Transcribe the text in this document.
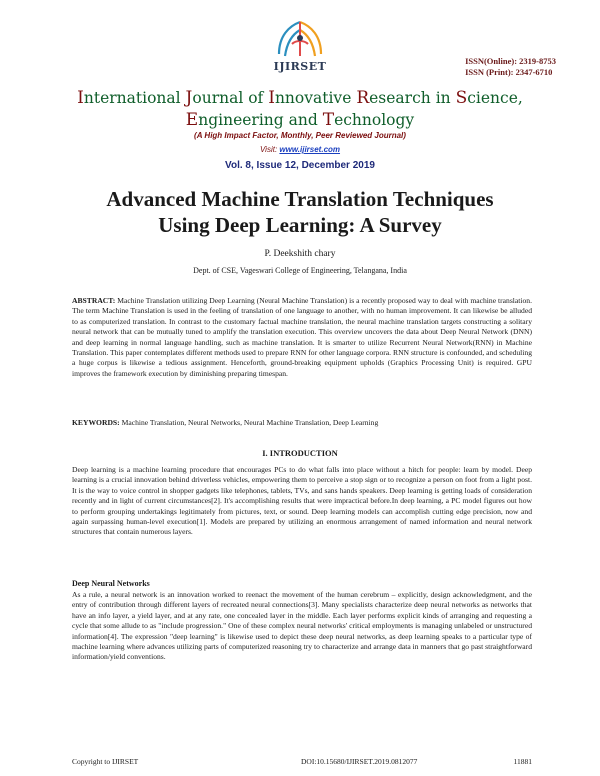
IJIRSET	ISSN(Online): 2319-8753
ISSN (Print): 2347-6710
International Journal of Innovative Research in Science,
Engineering and Technology
(A High Impact Factor, Monthly, Peer Reviewed Journal)
Visit: www.ijirset.com
Vol. 8, Issue 12, December 2019
Advanced Machine Translation Techniques
Using Deep Learning: A Survey
P. Deekshith chary
Dept. of CSE, Vageswari College of Engineering, Telangana, India
ABSTRACT: Machine Translation utilizing Deep Learning (Neural Machine Translation) is a recently proposed way to deal with machine translation. The term Machine Translation is used in the feeling of translation of one language to another, with no human improvement. It can likewise be alluded to as computerized translation. In contrast to the customary factual machine translation, the neural machine translation targets constructing a solitary neural network that can be mutually tuned to amplify the translation execution. This overview uncovers the data about Deep Neural Network (DNN) and deep learning in normal language handling, such as machine translation. It is smarter to utilize Recurrent Neural Network(RNN) in Machine Translation. This paper contemplates different methods used to prepare RNN for other language corpora. RNN structure is confounded, and scheduling a huge corpus is likewise a tedious assignment. Henceforth, ground-breaking equipment upholds (Graphics Processing Unit) is required. GPU improves the framework execution by diminishing preparing timespan.
KEYWORDS: Machine Translation, Neural Networks, Neural Machine Translation, Deep Learning
I. INTRODUCTION
Deep learning is a machine learning procedure that encourages PCs to do what falls into place without a hitch for people: learn by model. Deep learning is a crucial innovation behind driverless vehicles, empowering them to perceive a stop sign or to recognize a person on foot from a light post. It is the way to voice control in shopper gadgets like telephones, tablets, TVs, and sans hands speakers. Deep learning is getting loads of consideration recently and in light of current circumstances[2]. It's accomplishing results that were impractical before.In deep learning, a PC model figures out how to perform grouping undertakings legitimately from pictures, text, or sound. Deep learning models can accomplish cutting edge precision, now and again surpassing human-level execution[1]. Models are prepared by utilizing an enormous arrangement of named information and neural network structures that contain numerous layers.
Deep Neural Networks
As a rule, a neural network is an innovation worked to reenact the movement of the human cerebrum – explicitly, design acknowledgment, and the entry of contribution through different layers of recreated neural connections[3]. Many specialists characterize deep neural networks as networks that have an info layer, a yield layer, and at any rate, one concealed layer in the middle. Each layer performs explicit kinds of arranging and requesting a cycle that some allude to as "include progression." One of these complex neural networks' critical employments is managing unlabeled or unstructured information[4]. The expression "deep learning" is likewise used to depict these deep neural networks, as deep learning speaks to a particular type of machine learning where advances utilizing parts of computerized reasoning try to characterize and arrange data in manners that go past straightforward information/yield conventions.
Copyright to IJIRSET	DOI:10.15680/IJIRSET.2019.0812077	11881
